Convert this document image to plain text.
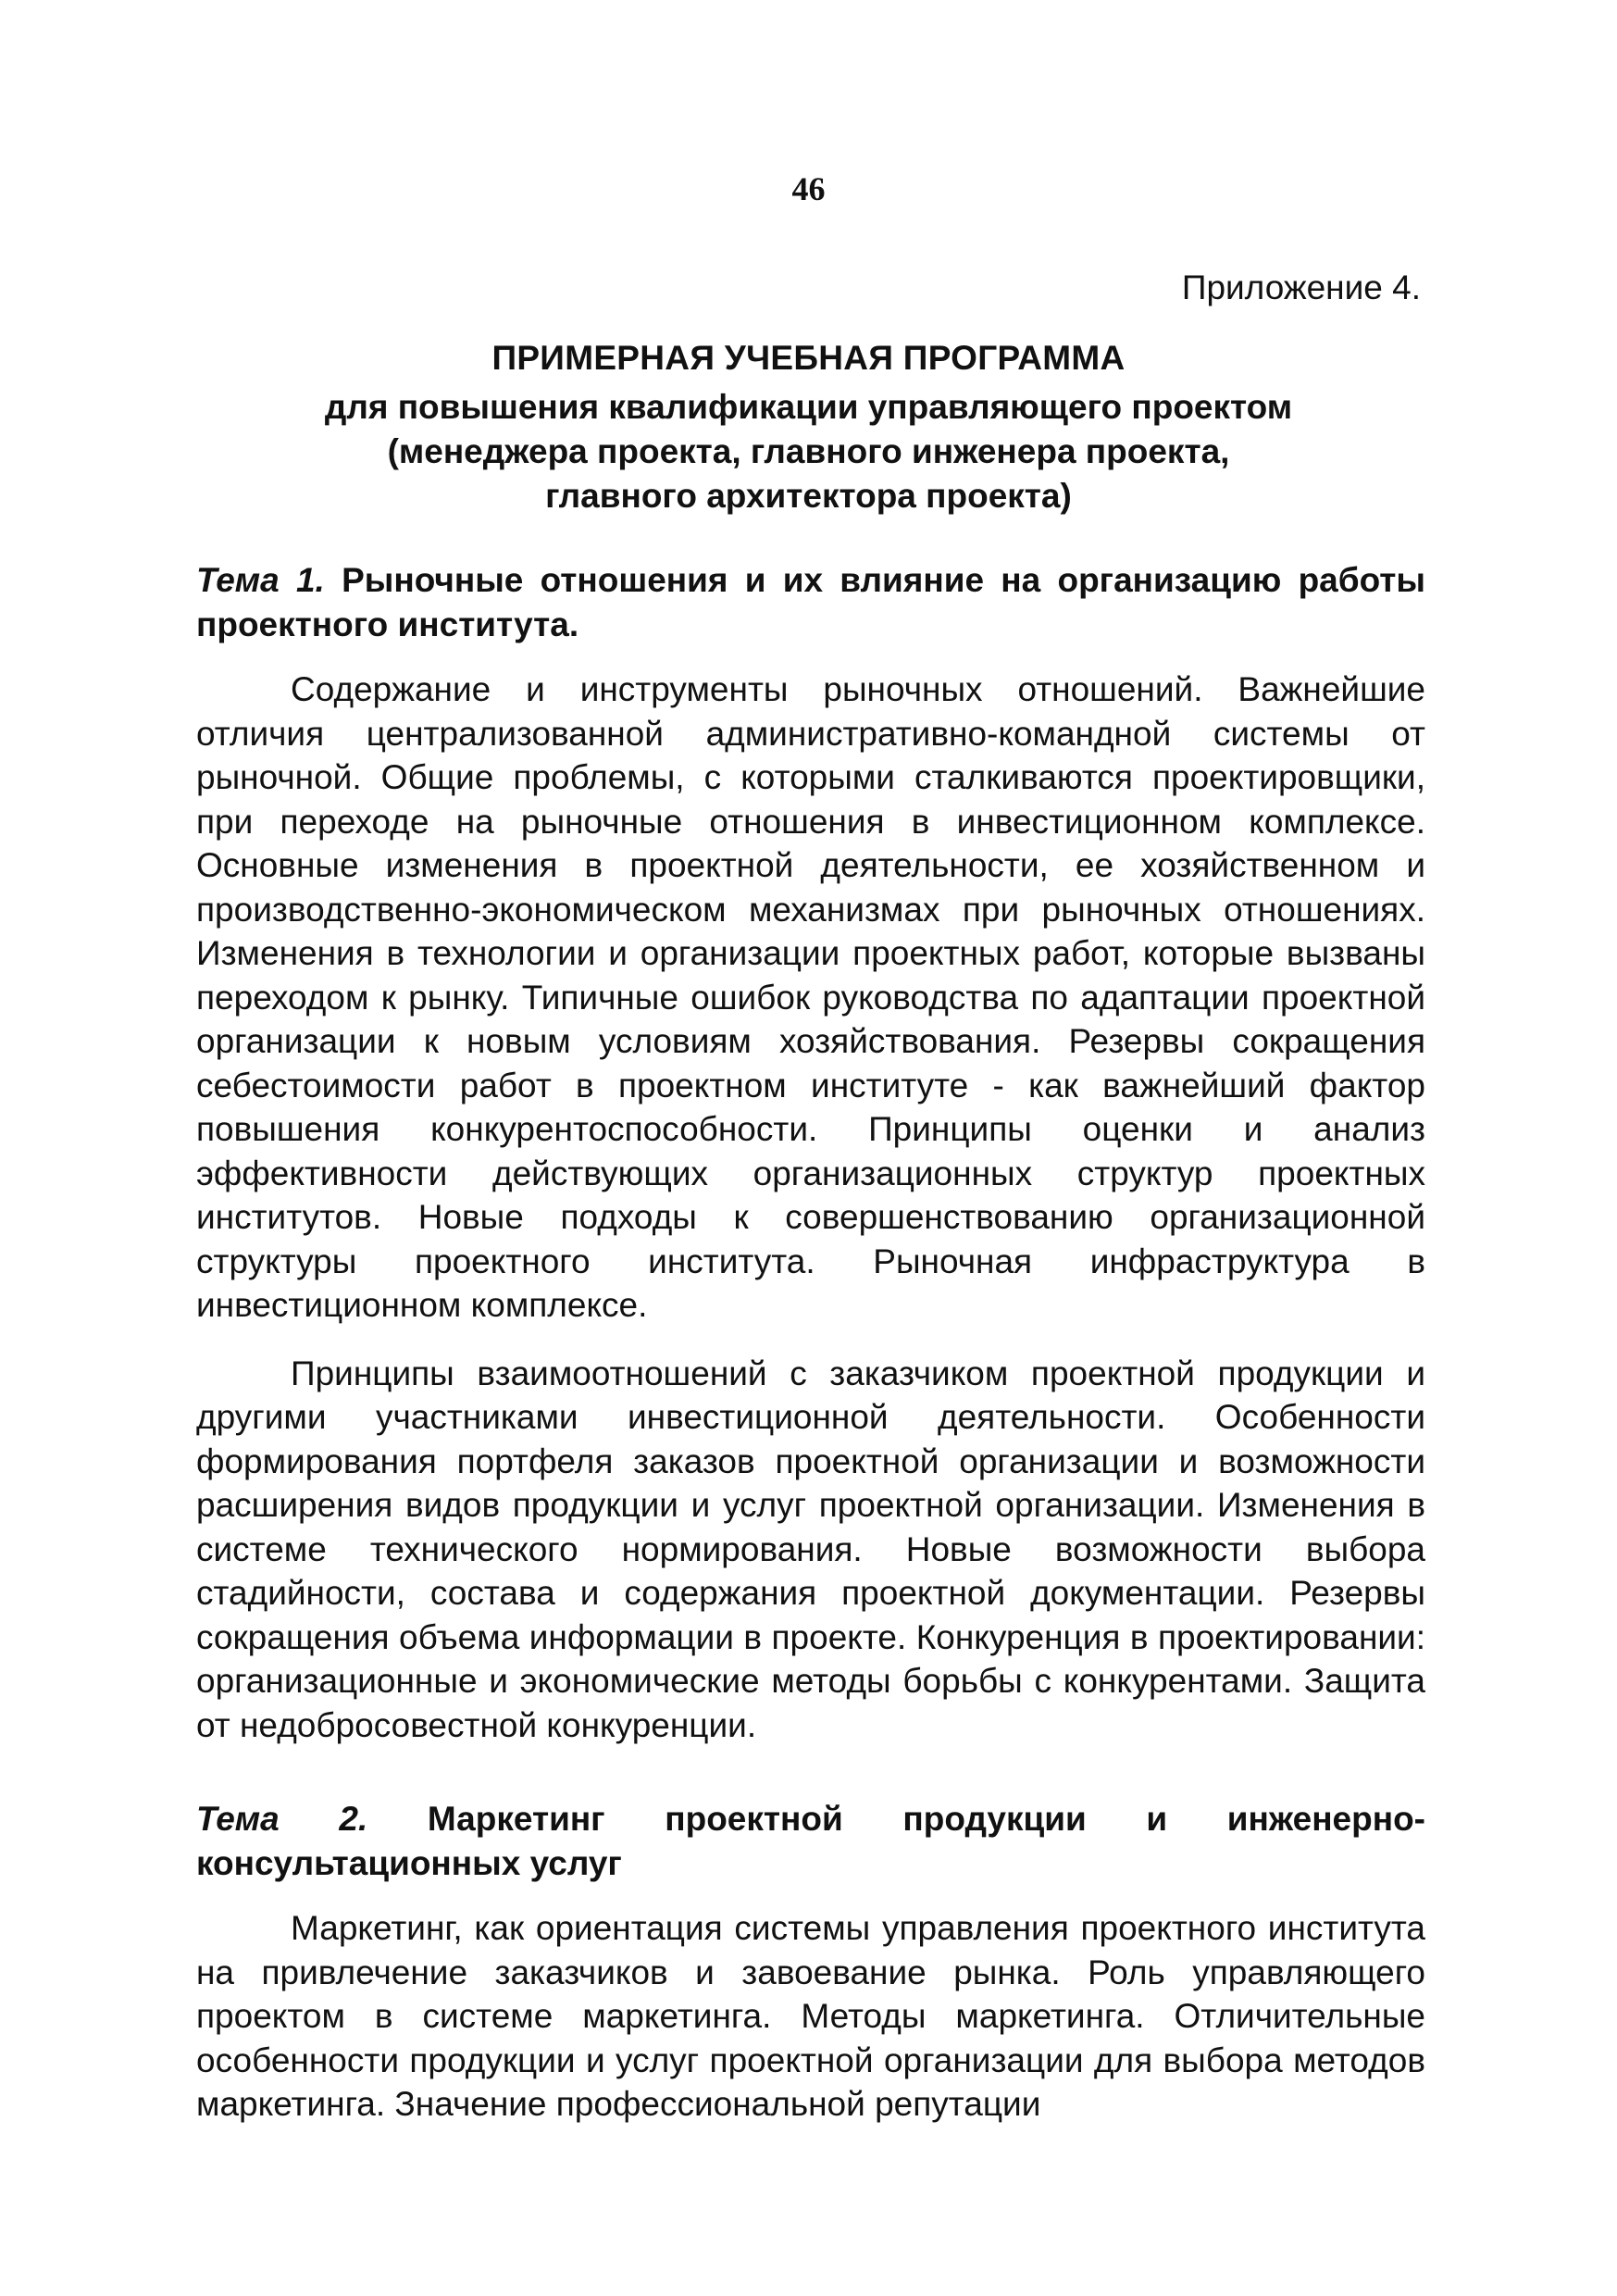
46
Приложение 4.
ПРИМЕРНАЯ УЧЕБНАЯ ПРОГРАММА
для повышения квалификации управляющего проектом
(менеджера проекта, главного инженера проекта,
главного архитектора проекта)

Тема 1. Рыночные отношения и их влияние на организацию работы проектного института.

Содержание и инструменты рыночных отношений. Важнейшие отличия централизованной административно-командной системы от рыночной. Общие проблемы, с которыми сталкиваются проектировщики, при переходе на рыночные отношения в инвестиционном комплексе. Основные изменения в проектной деятельности, ее хозяйственном и производственно-экономическом механизмах при рыночных отношениях. Изменения в технологии и организации проектных работ, которые вызваны переходом к рынку. Типичные ошибок руководства по адаптации проектной организации к новым условиям хозяйствования. Резервы сокращения себестоимости работ в проектном институте - как важнейший фактор повышения конкурентоспособности. Принципы оценки и анализ эффективности действующих организационных структур проектных институтов. Новые подходы к совершенствованию организационной структуры проектного института. Рыночная инфраструктура в инвестиционном комплексе.

Принципы взаимоотношений с заказчиком проектной продукции и другими участниками инвестиционной деятельности. Особенности формирования портфеля заказов проектной организации и возможности расширения видов продукции и услуг проектной организации. Изменения в системе технического нормирования. Новые возможности выбора стадийности, состава и содержания проектной документации. Резервы сокращения объема информации в проекте. Конкуренция в проектировании: организационные и экономические методы борьбы с конкурентами. Защита от недобросовестной конкуренции.

Тема 2. Маркетинг проектной продукции и инженерно-консультационных услуг

Маркетинг, как ориентация системы управления проектного института на привлечение заказчиков и завоевание рынка. Роль управляющего проектом в системе маркетинга. Методы маркетинга. Отличительные особенности продукции и услуг проектной организации для выбора методов маркетинга. Значение профессиональной репутации
